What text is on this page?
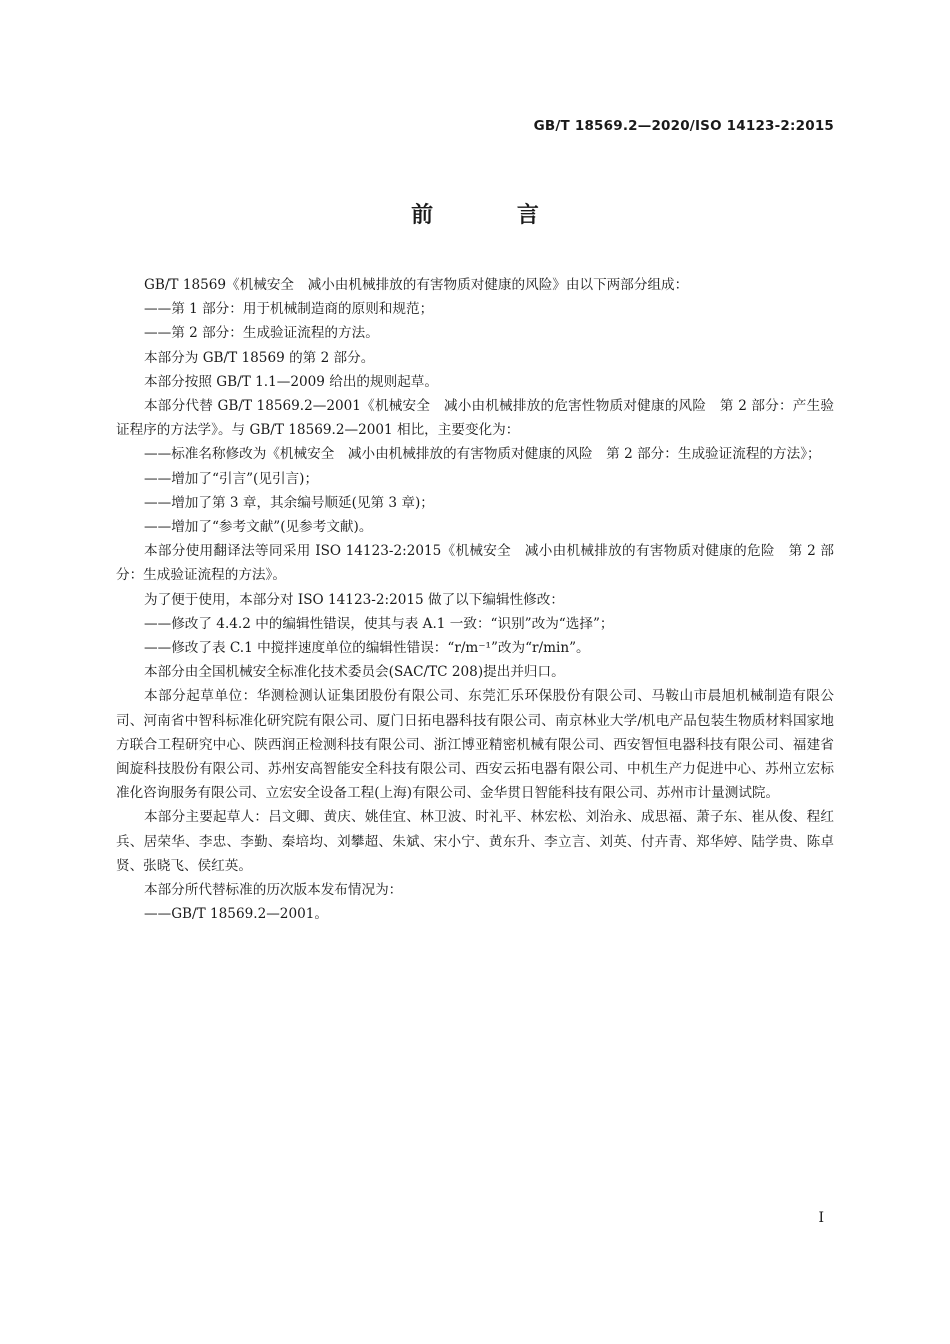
GB/T 18569.2—2020/ISO 14123-2:2015
前 言

GB/T 18569《机械安全　减小由机械排放的有害物质对健康的风险》由以下两部分组成：

——第 1 部分：用于机械制造商的原则和规范；

——第 2 部分：生成验证流程的方法。

本部分为 GB/T 18569 的第 2 部分。

本部分按照 GB/T 1.1—2009 给出的规则起草。

本部分代替 GB/T 18569.2—2001《机械安全　减小由机械排放的危害性物质对健康的风险　第 2 部分：产生验证程序的方法学》。与 GB/T 18569.2—2001 相比，主要变化为：

——标准名称修改为《机械安全　减小由机械排放的有害物质对健康的风险　第 2 部分：生成验证流程的方法》；

——增加了“引言”(见引言)；

——增加了第 3 章，其余编号顺延(见第 3 章)；

——增加了“参考文献”(见参考文献)。

本部分使用翻译法等同采用 ISO 14123-2:2015《机械安全　减小由机械排放的有害物质对健康的危险　第 2 部分：生成验证流程的方法》。

为了便于使用，本部分对 ISO 14123-2:2015 做了以下编辑性修改：

——修改了 4.4.2 中的编辑性错误，使其与表 A.1 一致：“识别”改为“选择”；

——修改了表 C.1 中搅拌速度单位的编辑性错误：“r/m⁻¹”改为“r/min”。

本部分由全国机械安全标准化技术委员会(SAC/TC 208)提出并归口。

本部分起草单位：华测检测认证集团股份有限公司、东莞汇乐环保股份有限公司、马鞍山市晨旭机械制造有限公司、河南省中智科标准化研究院有限公司、厦门日拓电器科技有限公司、南京林业大学/机电产品包装生物质材料国家地方联合工程研究中心、陕西润正检测科技有限公司、浙江博亚精密机械有限公司、西安智恒电器科技有限公司、福建省闽旋科技股份有限公司、苏州安高智能安全科技有限公司、西安云拓电器有限公司、中机生产力促进中心、苏州立宏标准化咨询服务有限公司、立宏安全设备工程(上海)有限公司、金华贯日智能科技有限公司、苏州市计量测试院。

本部分主要起草人：吕文卿、黄庆、姚佳宜、林卫波、时礼平、林宏松、刘治永、成思福、萧子东、崔从俊、程红兵、居荣华、李忠、李勤、秦培均、刘攀超、朱斌、宋小宁、黄东升、李立言、刘英、付卉青、郑华婷、陆学贵、陈卓贤、张晓飞、侯红英。

本部分所代替标准的历次版本发布情况为：

——GB/T 18569.2—2001。

I
